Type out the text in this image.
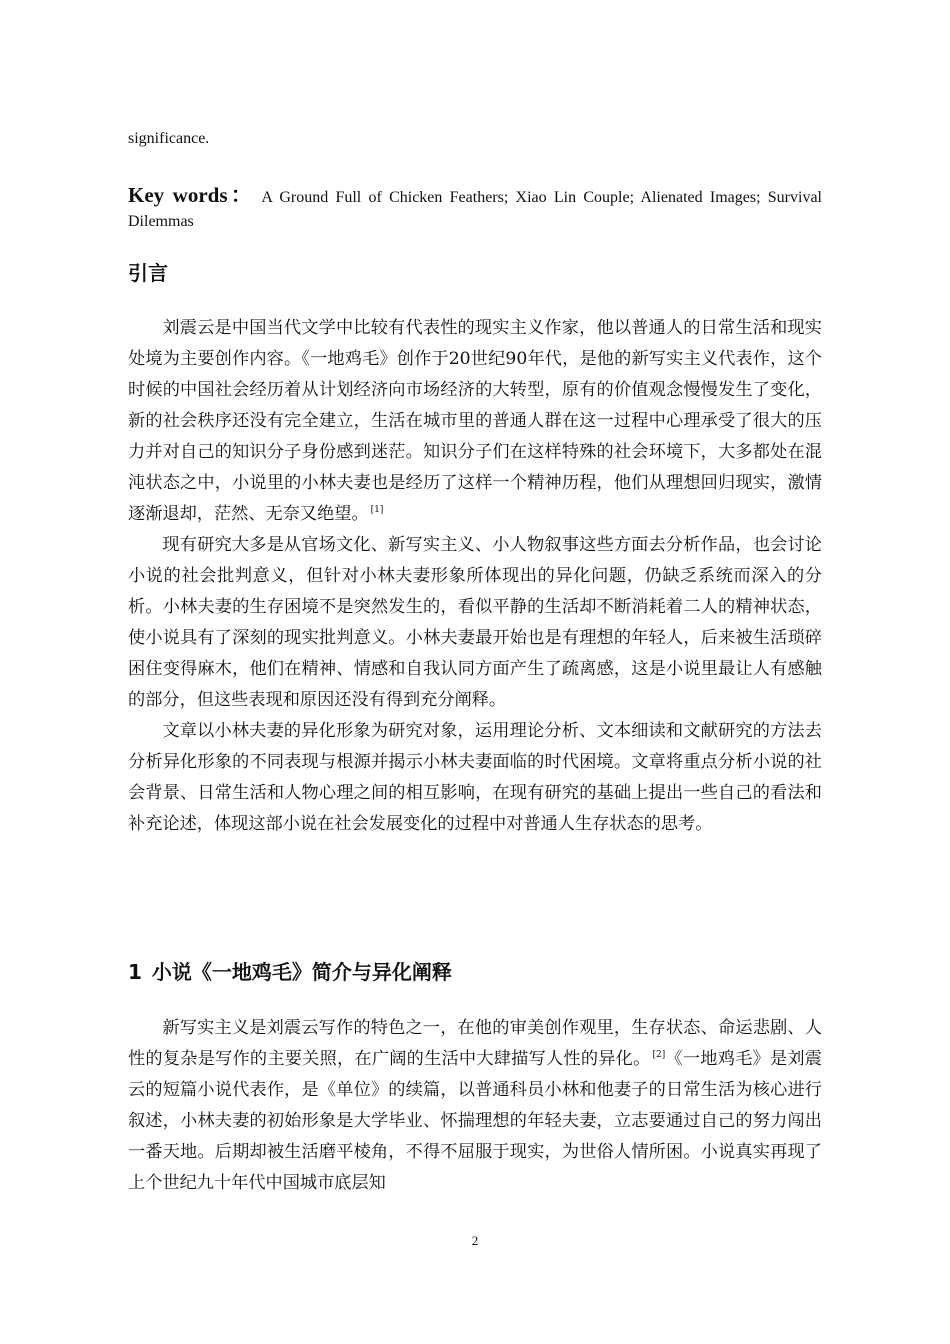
significance.
Key words： A Ground Full of Chicken Feathers; Xiao Lin Couple; Alienated Images; Survival Dilemmas
引言

刘震云是中国当代文学中比较有代表性的现实主义作家，他以普通人的日常生活和现实处境为主要创作内容。《一地鸡毛》创作于20世纪90年代，是他的新写实主义代表作，这个时候的中国社会经历着从计划经济向市场经济的大转型，原有的价值观念慢慢发生了变化，新的社会秩序还没有完全建立，生活在城市里的普通人群在这一过程中心理承受了很大的压力并对自己的知识分子身份感到迷茫。知识分子们在这样特殊的社会环境下，大多都处在混沌状态之中，小说里的小林夫妻也是经历了这样一个精神历程，他们从理想回归现实，激情逐渐退却，茫然、无奈又绝望。 [1]

现有研究大多是从官场文化、新写实主义、小人物叙事这些方面去分析作品，也会讨论小说的社会批判意义，但针对小林夫妻形象所体现出的异化问题，仍缺乏系统而深入的分析。小林夫妻的生存困境不是突然发生的，看似平静的生活却不断消耗着二人的精神状态，使小说具有了深刻的现实批判意义。小林夫妻最开始也是有理想的年轻人，后来被生活琐碎困住变得麻木，他们在精神、情感和自我认同方面产生了疏离感，这是小说里最让人有感触的部分，但这些表现和原因还没有得到充分阐释。

文章以小林夫妻的异化形象为研究对象，运用理论分析、文本细读和文献研究的方法去分析异化形象的不同表现与根源并揭示小林夫妻面临的时代困境。文章将重点分析小说的社会背景、日常生活和人物心理之间的相互影响，在现有研究的基础上提出一些自己的看法和补充论述，体现这部小说在社会发展变化的过程中对普通人生存状态的思考。

1 小说《一地鸡毛》简介与异化阐释

新写实主义是刘震云写作的特色之一，在他的审美创作观里，生存状态、命运悲剧、人性的复杂是写作的主要关照，在广阔的生活中大肆描写人性的异化。 [2]《一地鸡毛》是刘震云的短篇小说代表作，是《单位》的续篇，以普通科员小林和他妻子的日常生活为核心进行叙述，小林夫妻的初始形象是大学毕业、怀揣理想的年轻夫妻，立志要通过自己的努力闯出一番天地。后期却被生活磨平棱角，不得不屈服于现实，为世俗人情所困。小说真实再现了上个世纪九十年代中国城市底层知

2
